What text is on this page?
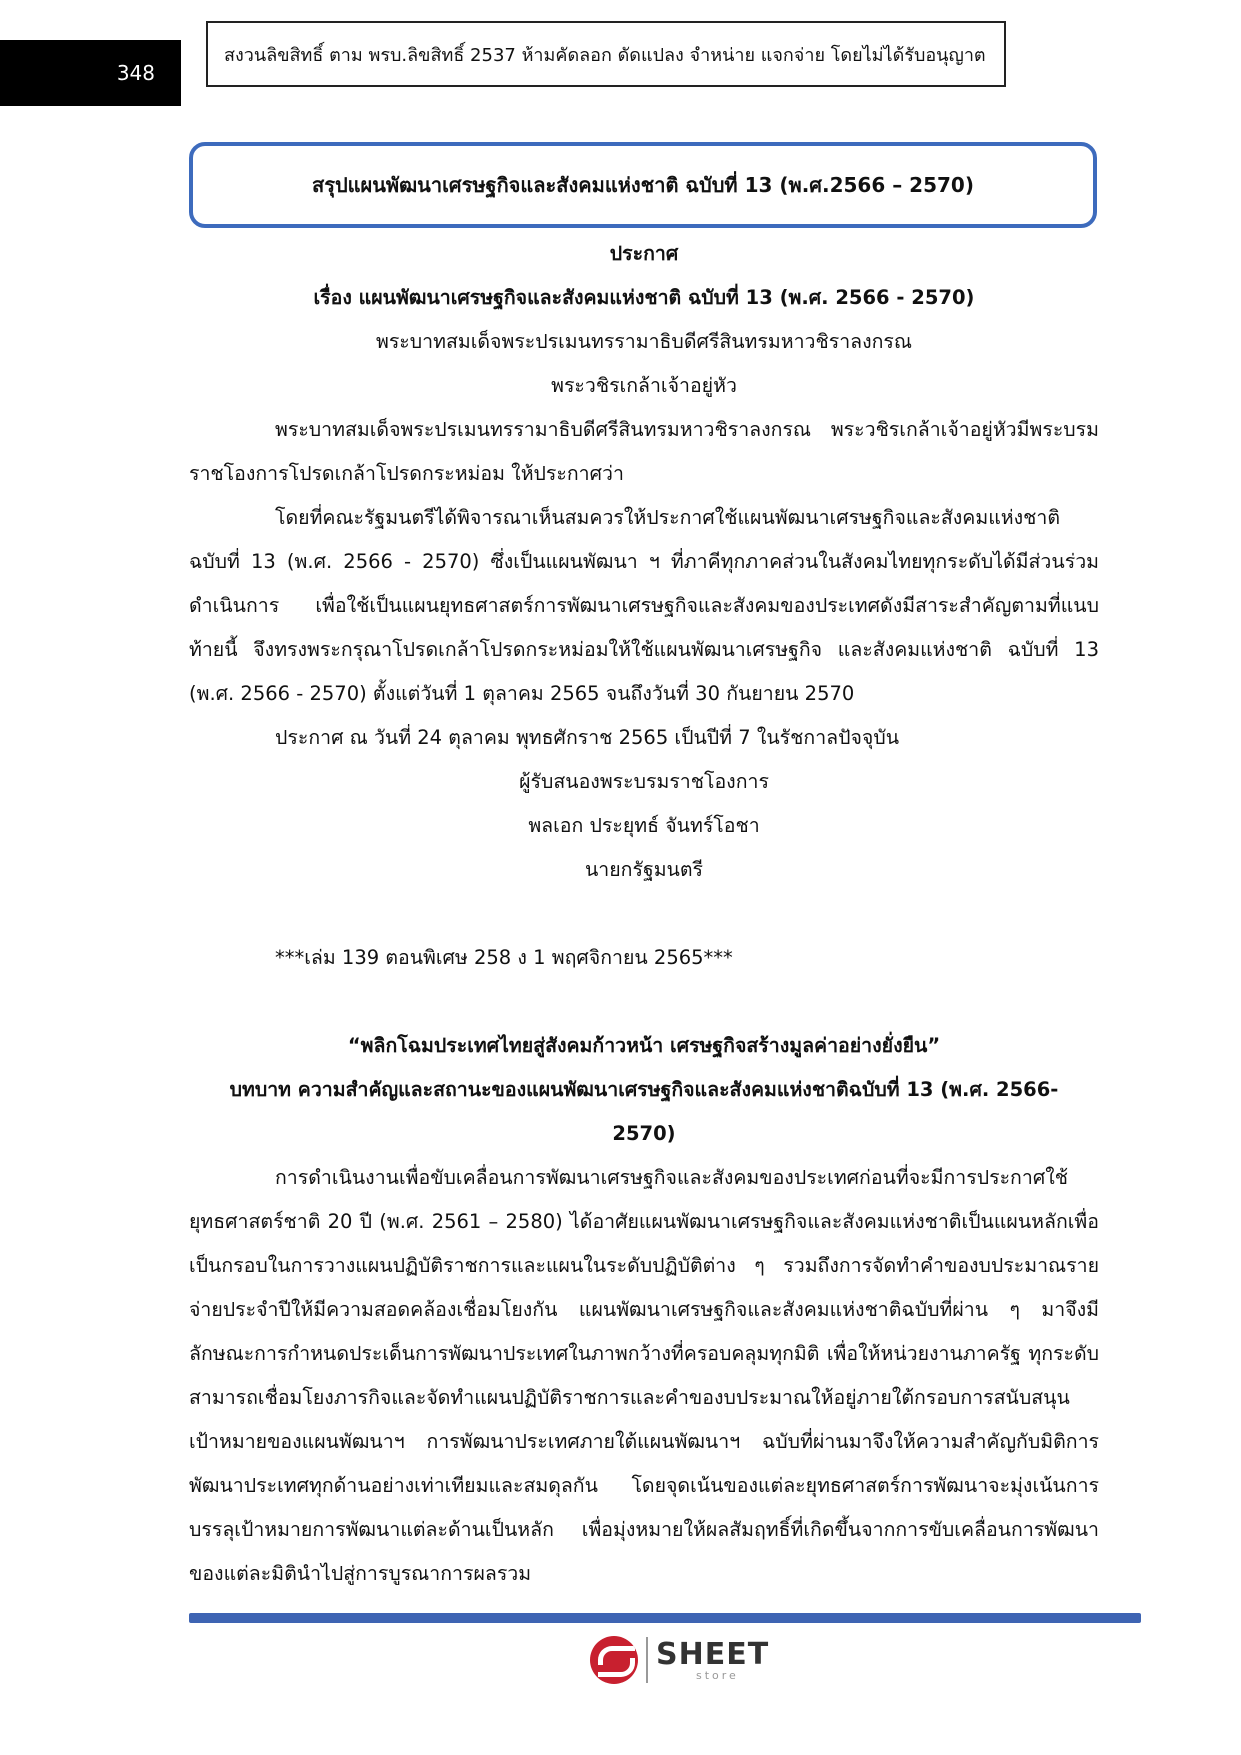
348
สงวนลิขสิทธิ์ ตาม พรบ.ลิขสิทธิ์ 2537 ห้ามคัดลอก ดัดแปลง จำหน่าย แจกจ่าย โดยไม่ได้รับอนุญาต
สรุปแผนพัฒนาเศรษฐกิจและสังคมแห่งชาติ ฉบับที่ 13 (พ.ศ.2566 – 2570)

ประกาศ

เรื่อง แผนพัฒนาเศรษฐกิจและสังคมแห่งชาติ ฉบับที่ 13 (พ.ศ. 2566 - 2570)

พระบาทสมเด็จพระปรเมนทรรามาธิบดีศรีสินทรมหาวชิราลงกรณ

พระวชิรเกล้าเจ้าอยู่หัว

พระบาทสมเด็จพระปรเมนทรรามาธิบดีศรีสินทรมหาวชิราลงกรณ พระวชิรเกล้าเจ้าอยู่หัวมีพระบรมราชโองการโปรดเกล้าโปรดกระหม่อม ให้ประกาศว่า

โดยที่คณะรัฐมนตรีได้พิจารณาเห็นสมควรให้ประกาศใช้แผนพัฒนาเศรษฐกิจและสังคมแห่งชาติ ฉบับที่ 13 (พ.ศ. 2566 - 2570) ซึ่งเป็นแผนพัฒนา ฯ ที่ภาคีทุกภาคส่วนในสังคมไทยทุกระดับได้มีส่วนร่วมดำเนินการ เพื่อใช้เป็นแผนยุทธศาสตร์การพัฒนาเศรษฐกิจและสังคมของประเทศดังมีสาระสำคัญตามที่แนบท้ายนี้ จึงทรงพระกรุณาโปรดเกล้าโปรดกระหม่อมให้ใช้แผนพัฒนาเศรษฐกิจ และสังคมแห่งชาติ ฉบับที่ 13 (พ.ศ. 2566 - 2570) ตั้งแต่วันที่ 1 ตุลาคม 2565 จนถึงวันที่ 30 กันยายน 2570

ประกาศ ณ วันที่ 24 ตุลาคม พุทธศักราช 2565 เป็นปีที่ 7 ในรัชกาลปัจจุบัน

ผู้รับสนองพระบรมราชโองการ

พลเอก ประยุทธ์ จันทร์โอชา

นายกรัฐมนตรี

***เล่ม 139 ตอนพิเศษ 258 ง 1 พฤศจิกายน 2565***

“พลิกโฉมประเทศไทยสู่สังคมก้าวหน้า เศรษฐกิจสร้างมูลค่าอย่างยั่งยืน”

บทบาท ความสำคัญและสถานะของแผนพัฒนาเศรษฐกิจและสังคมแห่งชาติฉบับที่ 13 (พ.ศ. 2566-

2570)

การดำเนินงานเพื่อขับเคลื่อนการพัฒนาเศรษฐกิจและสังคมของประเทศก่อนที่จะมีการประกาศใช้ ยุทธศาสตร์ชาติ 20 ปี (พ.ศ. 2561 – 2580) ได้อาศัยแผนพัฒนาเศรษฐกิจและสังคมแห่งชาติเป็นแผนหลักเพื่อ เป็นกรอบในการวางแผนปฏิบัติราชการและแผนในระดับปฏิบัติต่าง ๆ รวมถึงการจัดทำคำของบประมาณรายจ่ายประจำปีให้มีความสอดคล้องเชื่อมโยงกัน แผนพัฒนาเศรษฐกิจและสังคมแห่งชาติฉบับที่ผ่าน ๆ มาจึงมีลักษณะการกำหนดประเด็นการพัฒนาประเทศในภาพกว้างที่ครอบคลุมทุกมิติ เพื่อให้หน่วยงานภาครัฐ ทุกระดับสามารถเชื่อมโยงภารกิจและจัดทำแผนปฏิบัติราชการและคำของบประมาณให้อยู่ภายใต้กรอบการสนับสนุนเป้าหมายของแผนพัฒนาฯ การพัฒนาประเทศภายใต้แผนพัฒนาฯ ฉบับที่ผ่านมาจึงให้ความสำคัญกับมิติการพัฒนาประเทศทุกด้านอย่างเท่าเทียมและสมดุลกัน โดยจุดเน้นของแต่ละยุทธศาสตร์การพัฒนาจะมุ่งเน้นการบรรลุเป้าหมายการพัฒนาแต่ละด้านเป็นหลัก เพื่อมุ่งหมายให้ผลสัมฤทธิ์ที่เกิดขึ้นจากการขับเคลื่อนการพัฒนาของแต่ละมิตินำไปสู่การบูรณาการผลรวม

SHEET
store
